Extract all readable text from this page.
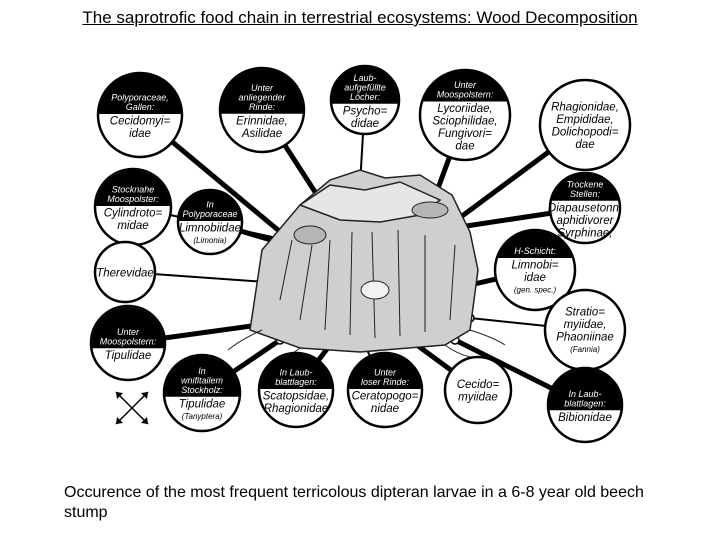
The saprotrofic food chain in terrestrial ecosystems: Wood Decomposition
Polyporaceae,
Gallen:
Cecidomyi=
idae
Unter
anliegender
Rinde:
Erinnidae,
Asilidae
Laub-
aufgefüllte
Löcher:
Psycho=
didae
Unter
Moospolstern:
Lycoriidae,
Sciophilidae,
Fungivori=
dae
Rhagionidae,
Empididae,
Dolichopodi=
dae
Stocknahe
Moospolster:
Cylindroto=
midae
In
Polyporaceae
Limnobiidae
(Limonia)
Trockene
Stellen:
Diapausetonn.
aphidivorer
Syrphinae,
Therevidae
H-Schicht:
Limnobi=
idae
(gen. spec.)
Unter
Moospolstern:
Tipulidae
Stratio=
myiidae,
Phaoniinae
(Fannia)
In
wnifitailem
Stockholz:
Tipulidae
(Tanyptera)
In Laub-
blattlagen:
Scatopsidae,
Rhagionidae
Unter
loser Rinde:
Ceratopogo=
nidae
Cecido=
myiidae	In Laub-
blattlagen:
Bibionidae
Occurence of the most frequent terricolous dipteran larvae in a 6-8 year old beech stump
